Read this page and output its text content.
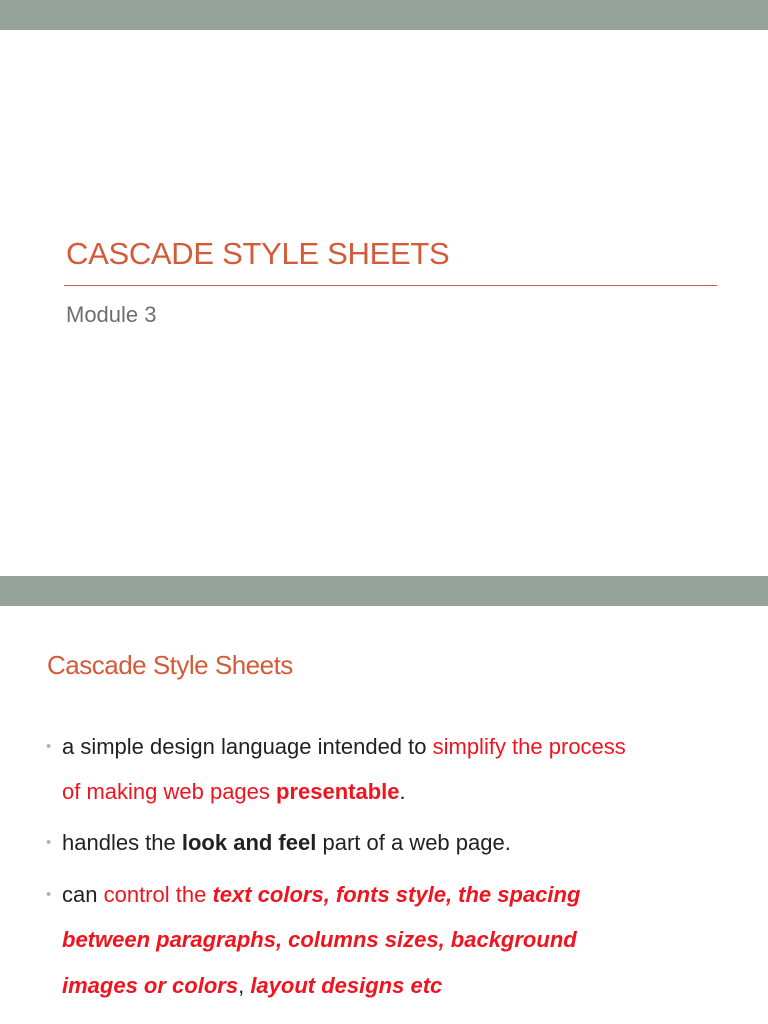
CASCADE STYLE SHEETS

Module 3

Cascade Style Sheets
• a simple design language intended to simplify the process
of making web pages presentable.
• handles the look and feel part of a web page.
• can control the text colors, fonts style, the spacing
between paragraphs, columns sizes, background
images or colors, layout designs etc
